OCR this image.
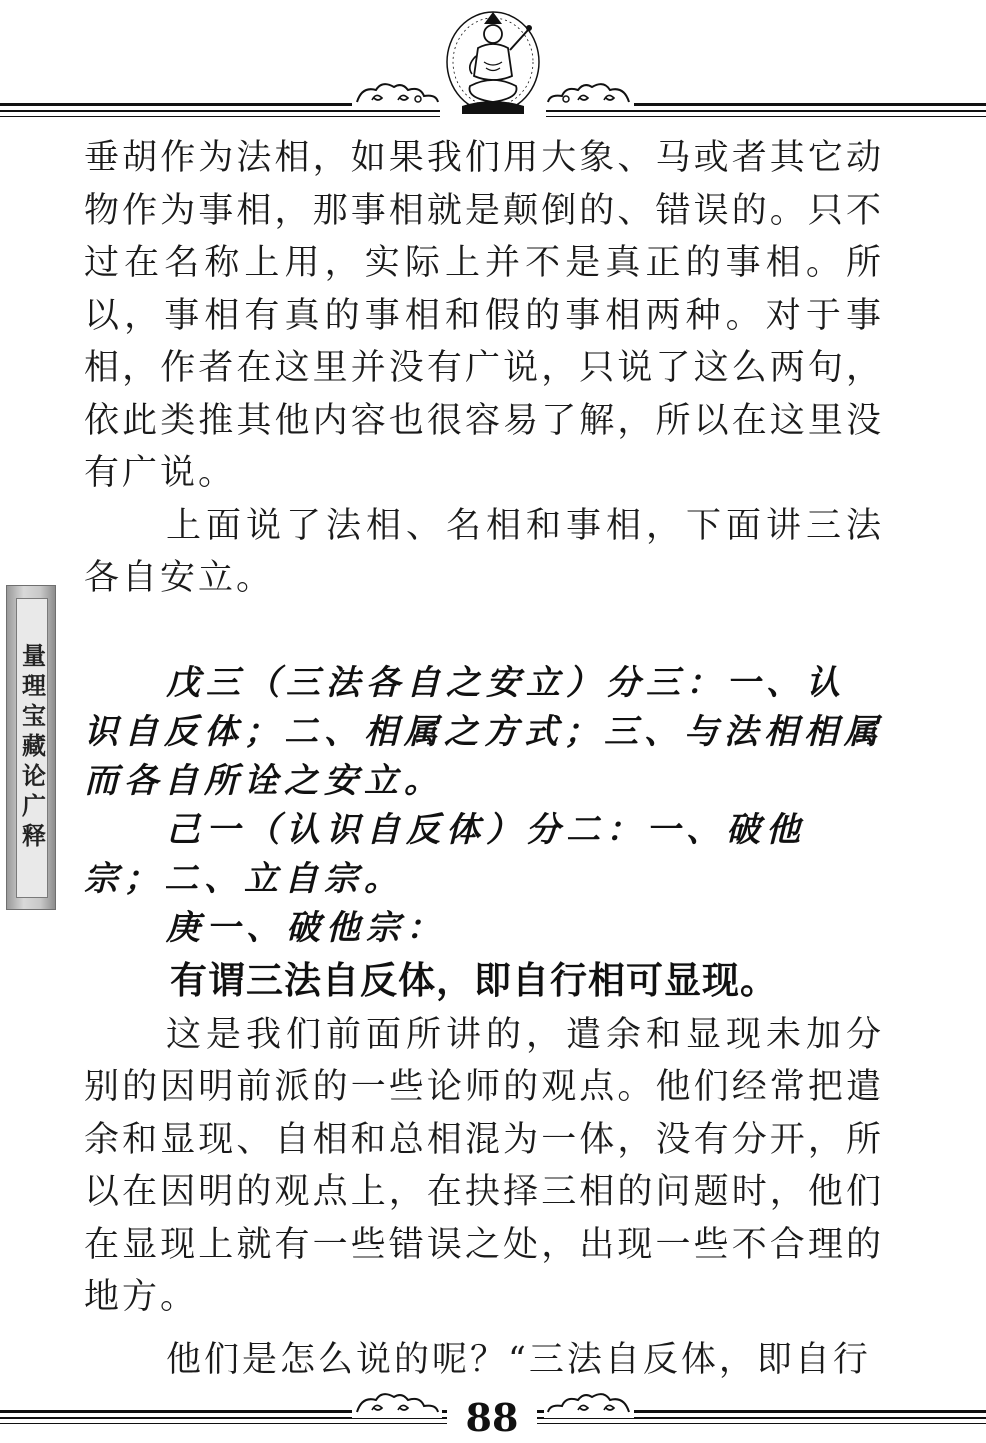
量理宝藏论广释

垂胡作为法相，如果我们用大象、马或者其它动物作为事相，那事相就是颠倒的、错误的。只不过在名称上用，实际上并不是真正的事相。所以，事相有真的事相和假的事相两种。对于事相，作者在这里并没有广说，只说了这么两句，依此类推其他内容也很容易了解，所以在这里没有广说。

上面说了法相、名相和事相，下面讲三法各自安立。

戊三（三法各自之安立）分三：一、认识自反体；二、相属之方式；三、与法相相属而各自所诠之安立。

己一（认识自反体）分二：一、破他宗；二、立自宗。

庚一、破他宗：

有谓三法自反体，即自行相可显现。

这是我们前面所讲的，遣余和显现未加分别的因明前派的一些论师的观点。他们经常把遣余和显现、自相和总相混为一体，没有分开，所以在因明的观点上，在抉择三相的问题时，他们在显现上就有一些错误之处，出现一些不合理的地方。

他们是怎么说的呢？“三法自反体，即自行

88
